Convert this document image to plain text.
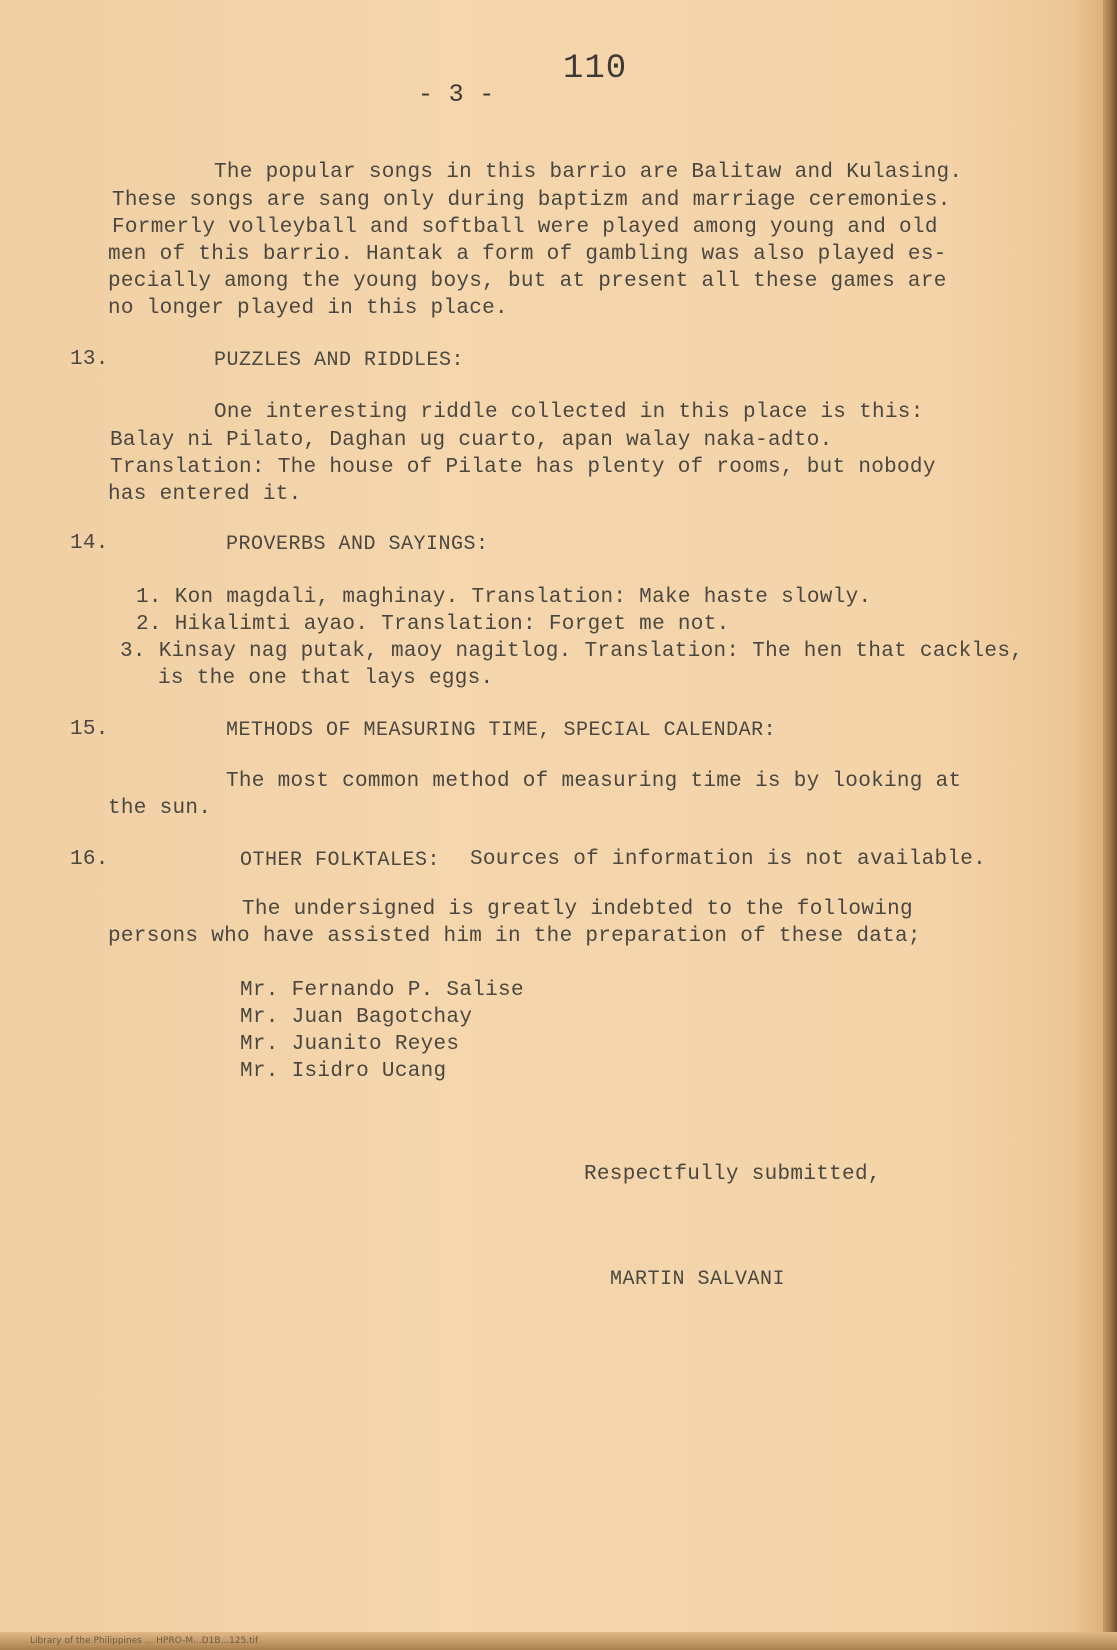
110
- 3 -
The popular songs in this barrio are Balitaw and Kulasing.
These songs are sang only during baptizm and marriage ceremonies.
Formerly volleyball and softball were played among young and old
men of this barrio. Hantak a form of gambling was also played es-
pecially among the young boys, but at present all these games are
no longer played in this place.
13.	PUZZLES AND RIDDLES:
One interesting riddle collected in this place is this:
Balay ni Pilato, Daghan ug cuarto, apan walay naka-adto.
Translation: The house of Pilate has plenty of rooms, but nobody
has entered it.
14.	PROVERBS AND SAYINGS:
1. Kon magdali, maghinay. Translation: Make haste slowly.
2. Hikalimti ayao. Translation: Forget me not.
3. Kinsay nag putak, maoy nagitlog. Translation: The hen that cackles,
is the one that lays eggs.
15.	METHODS OF MEASURING TIME, SPECIAL CALENDAR:
The most common method of measuring time is by looking at
the sun.
16.	OTHER FOLKTALES: Sources of information is not available.
The undersigned is greatly indebted to the following
persons who have assisted him in the preparation of these data;
Mr. Fernando P. Salise
Mr. Juan Bagotchay
Mr. Juanito Reyes
Mr. Isidro Ucang
Respectfully submitted,
MARTIN SALVANI
Library of the Philippines ... HPRO-M...D1B...125.tif
